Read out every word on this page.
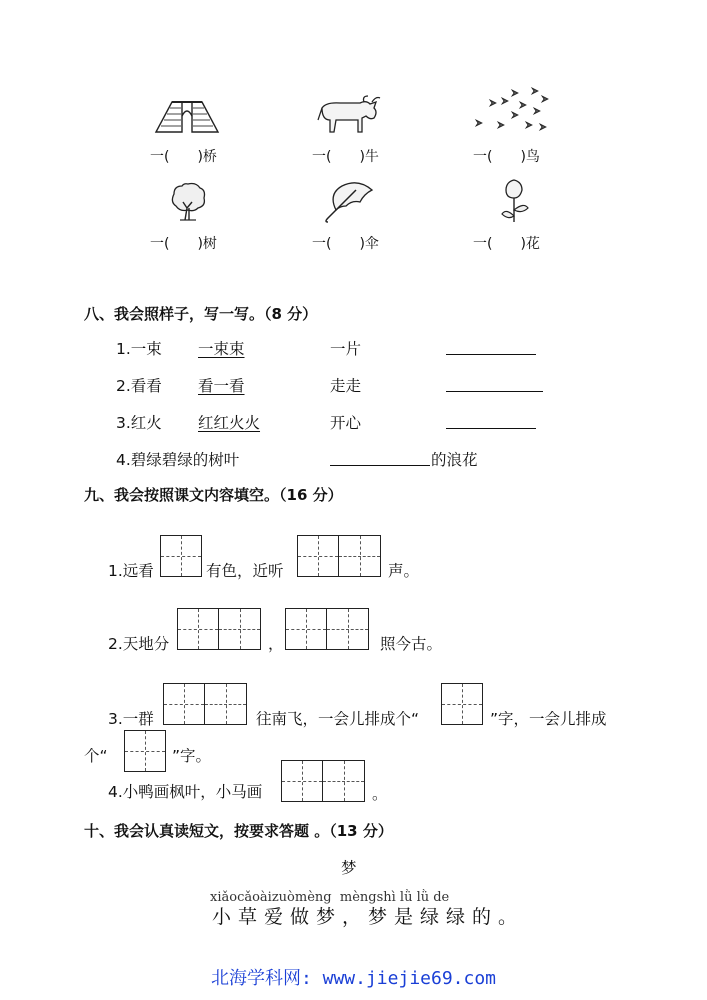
一(　　)桥	一(　　)牛	一(　　)鸟
一(　　)树	一(　　)伞	一(　　)花
八、我会照样子，写一写。（8 分）
1.一束 一束束	一片
2.看看 看一看	走走
3.红火 红红火火	开心
4.碧绿碧绿的树叶	的浪花
九、我会按照课文内容填空。（16 分）
1.远看	有色，近听	声。
2.天地分	，	照今古。
3.一群	往南飞，一会儿排成个“	”字，一会儿排成
个“	”字。
4.小鸭画枫叶，小马画	。
十、我会认真读短文，按要求答题 。（13 分）
梦
xiǎocǎoàizuòmèng  mèngshì lǜ lǜ de
小草爱做梦，梦是绿绿的。
北海学科网: www.jiejie69.com
